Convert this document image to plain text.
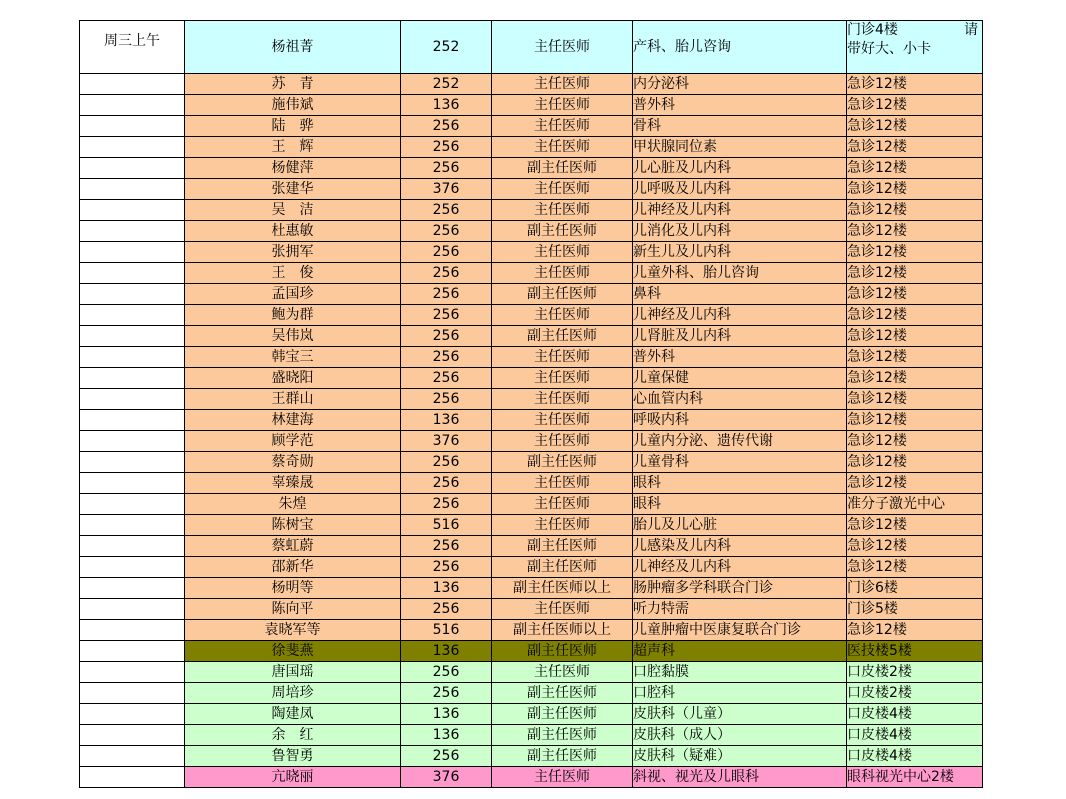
周三上午	杨祖菁	252	主任医师	产科、胎儿咨询	门诊4楼 请
带好大、小卡

	苏　青	252	主任医师	内分泌科	急诊12楼
	施伟斌	136	主任医师	普外科	急诊12楼
	陆　骅	256	主任医师	骨科	急诊12楼
	王　辉	256	主任医师	甲状腺同位素	急诊12楼
	杨健萍	256	副主任医师	儿心脏及儿内科	急诊12楼
	张建华	376	主任医师	儿呼吸及儿内科	急诊12楼
	吴　洁	256	主任医师	儿神经及儿内科	急诊12楼
	杜惠敏	256	副主任医师	儿消化及儿内科	急诊12楼
	张拥军	256	主任医师	新生儿及儿内科	急诊12楼
	王　俊	256	主任医师	儿童外科、胎儿咨询	急诊12楼
	孟国珍	256	副主任医师	鼻科	急诊12楼
	鲍为群	256	主任医师	儿神经及儿内科	急诊12楼
	吴伟岚	256	副主任医师	儿肾脏及儿内科	急诊12楼
	韩宝三	256	主任医师	普外科	急诊12楼
	盛晓阳	256	主任医师	儿童保健	急诊12楼
	王群山	256	主任医师	心血管内科	急诊12楼
	林建海	136	主任医师	呼吸内科	急诊12楼
	顾学范	376	主任医师	儿童内分泌、遗传代谢	急诊12楼
	蔡奇勋	256	副主任医师	儿童骨科	急诊12楼
	辜臻晟	256	主任医师	眼科	急诊12楼
	朱煌	256	主任医师	眼科	准分子激光中心
	陈树宝	516	主任医师	胎儿及儿心脏	急诊12楼
	蔡虹蔚	256	副主任医师	儿感染及儿内科	急诊12楼
	邵新华	256	副主任医师	儿神经及儿内科	急诊12楼
	杨明等	136	副主任医师以上	肠肿瘤多学科联合门诊	门诊6楼
	陈向平	256	主任医师	听力特需	门诊5楼
	袁晓军等	516	副主任医师以上	儿童肿瘤中医康复联合门诊	急诊12楼
	徐斐燕	136	副主任医师	超声科	医技楼5楼
	唐国瑶	256	主任医师	口腔黏膜	口皮楼2楼
	周培珍	256	副主任医师	口腔科	口皮楼2楼
	陶建凤	136	副主任医师	皮肤科（儿童）	口皮楼4楼
	余　红	136	副主任医师	皮肤科（成人）	口皮楼4楼
	鲁智勇	256	副主任医师	皮肤科（疑难）	口皮楼4楼
	亢晓丽	376	主任医师	斜视、视光及儿眼科	眼科视光中心2楼
